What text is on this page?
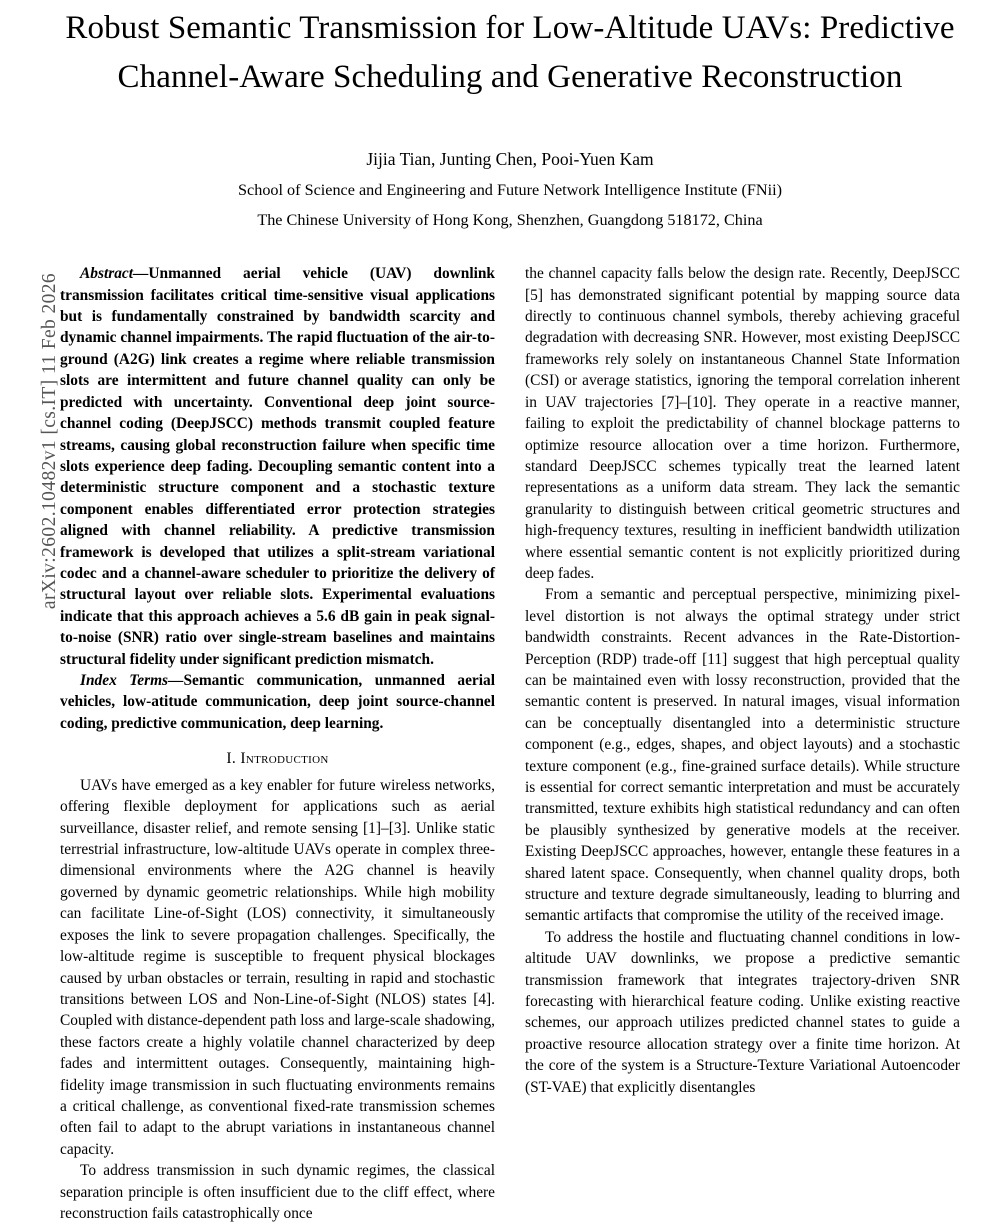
arXiv:2602.10482v1 [cs.IT] 11 Feb 2026
Robust Semantic Transmission for Low-Altitude UAVs: Predictive Channel-Aware Scheduling and Generative Reconstruction
Jijia Tian, Junting Chen, Pooi-Yuen Kam
School of Science and Engineering and Future Network Intelligence Institute (FNii)
The Chinese University of Hong Kong, Shenzhen, Guangdong 518172, China

Abstract—Unmanned aerial vehicle (UAV) downlink transmission facilitates critical time-sensitive visual applications but is fundamentally constrained by bandwidth scarcity and dynamic channel impairments. The rapid fluctuation of the air-to-ground (A2G) link creates a regime where reliable transmission slots are intermittent and future channel quality can only be predicted with uncertainty. Conventional deep joint source-channel coding (DeepJSCC) methods transmit coupled feature streams, causing global reconstruction failure when specific time slots experience deep fading. Decoupling semantic content into a deterministic structure component and a stochastic texture component enables differentiated error protection strategies aligned with channel reliability. A predictive transmission framework is developed that utilizes a split-stream variational codec and a channel-aware scheduler to prioritize the delivery of structural layout over reliable slots. Experimental evaluations indicate that this approach achieves a 5.6 dB gain in peak signal-to-noise (SNR) ratio over single-stream baselines and maintains structural fidelity under significant prediction mismatch.

Index Terms—Semantic communication, unmanned aerial vehicles, low-atitude communication, deep joint source-channel coding, predictive communication, deep learning.

I. Introduction

UAVs have emerged as a key enabler for future wireless networks, offering flexible deployment for applications such as aerial surveillance, disaster relief, and remote sensing [1]–[3]. Unlike static terrestrial infrastructure, low-altitude UAVs operate in complex three-dimensional environments where the A2G channel is heavily governed by dynamic geometric relationships. While high mobility can facilitate Line-of-Sight (LOS) connectivity, it simultaneously exposes the link to severe propagation challenges. Specifically, the low-altitude regime is susceptible to frequent physical blockages caused by urban obstacles or terrain, resulting in rapid and stochastic transitions between LOS and Non-Line-of-Sight (NLOS) states [4]. Coupled with distance-dependent path loss and large-scale shadowing, these factors create a highly volatile channel characterized by deep fades and intermittent outages. Consequently, maintaining high-fidelity image transmission in such fluctuating environments remains a critical challenge, as conventional fixed-rate transmission schemes often fail to adapt to the abrupt variations in instantaneous channel capacity.

To address transmission in such dynamic regimes, the classical separation principle is often insufficient due to the cliff effect, where reconstruction fails catastrophically once

the channel capacity falls below the design rate. Recently, DeepJSCC [5] has demonstrated significant potential by mapping source data directly to continuous channel symbols, thereby achieving graceful degradation with decreasing SNR. However, most existing DeepJSCC frameworks rely solely on instantaneous Channel State Information (CSI) or average statistics, ignoring the temporal correlation inherent in UAV trajectories [7]–[10]. They operate in a reactive manner, failing to exploit the predictability of channel blockage patterns to optimize resource allocation over a time horizon. Furthermore, standard DeepJSCC schemes typically treat the learned latent representations as a uniform data stream. They lack the semantic granularity to distinguish between critical geometric structures and high-frequency textures, resulting in inefficient bandwidth utilization where essential semantic content is not explicitly prioritized during deep fades.

From a semantic and perceptual perspective, minimizing pixel-level distortion is not always the optimal strategy under strict bandwidth constraints. Recent advances in the Rate-Distortion-Perception (RDP) trade-off [11] suggest that high perceptual quality can be maintained even with lossy reconstruction, provided that the semantic content is preserved. In natural images, visual information can be conceptually disentangled into a deterministic structure component (e.g., edges, shapes, and object layouts) and a stochastic texture component (e.g., fine-grained surface details). While structure is essential for correct semantic interpretation and must be accurately transmitted, texture exhibits high statistical redundancy and can often be plausibly synthesized by generative models at the receiver. Existing DeepJSCC approaches, however, entangle these features in a shared latent space. Consequently, when channel quality drops, both structure and texture degrade simultaneously, leading to blurring and semantic artifacts that compromise the utility of the received image.

To address the hostile and fluctuating channel conditions in low-altitude UAV downlinks, we propose a predictive semantic transmission framework that integrates trajectory-driven SNR forecasting with hierarchical feature coding. Unlike existing reactive schemes, our approach utilizes predicted channel states to guide a proactive resource allocation strategy over a finite time horizon. At the core of the system is a Structure-Texture Variational Autoencoder (ST-VAE) that explicitly disentangles
